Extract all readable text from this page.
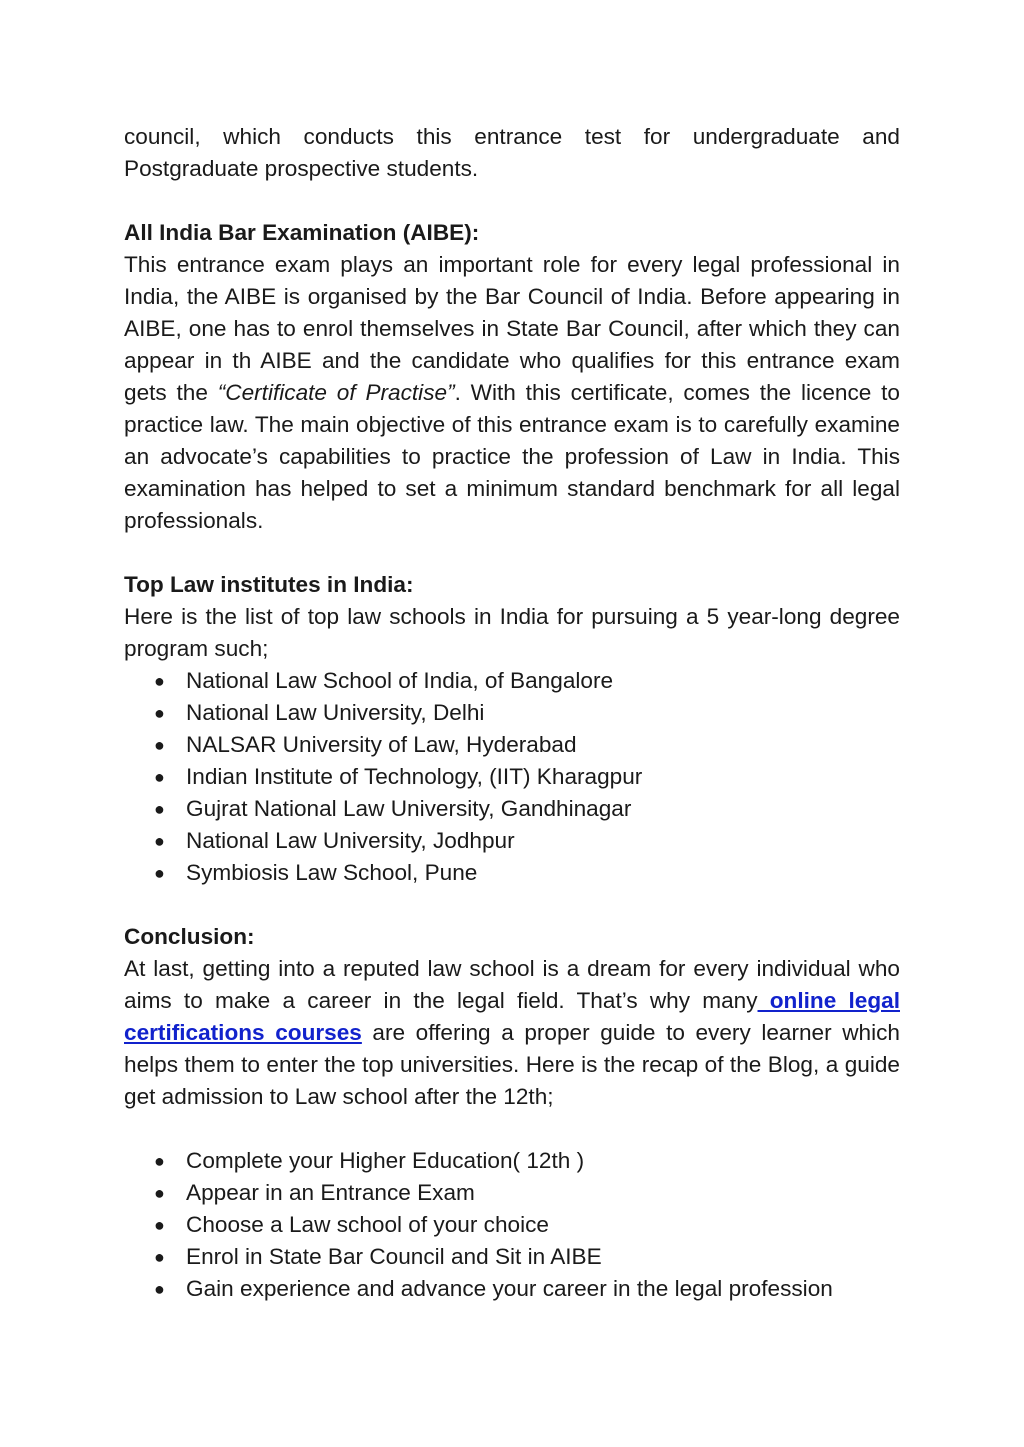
council, which conducts this entrance test for undergraduate and Postgraduate prospective students.

All India Bar Examination (AIBE):

This entrance exam plays an important role for every legal professional in India, the AIBE is organised by the Bar Council of India. Before appearing in AIBE, one has to enrol themselves in State Bar Council, after which they can appear in th AIBE and the candidate who qualifies for this entrance exam gets the “Certificate of Practise”. With this certificate, comes the licence to practice law. The main objective of this entrance exam is to carefully examine an advocate’s capabilities to practice the profession of Law in India. This examination has helped to set a minimum standard benchmark for all legal professionals.

Top Law institutes in India:

Here is the list of top law schools in India for pursuing a 5 year-long degree program such;

● National Law School of India, of Bangalore
● National Law University, Delhi
● NALSAR University of Law, Hyderabad
● Indian Institute of Technology, (IIT) Kharagpur
● Gujrat National Law University, Gandhinagar
● National Law University, Jodhpur
● Symbiosis Law School, Pune

Conclusion:

At last, getting into a reputed law school is a dream for every individual who aims to make a career in the legal field. That’s why many online legal certifications courses are offering a proper guide to every learner which helps them to enter the top universities. Here is the recap of the Blog, a guide get admission to Law school after the 12th;

● Complete your Higher Education( 12th )
● Appear in an Entrance Exam
● Choose a Law school of your choice
● Enrol in State Bar Council and Sit in AIBE
● Gain experience and advance your career in the legal profession
